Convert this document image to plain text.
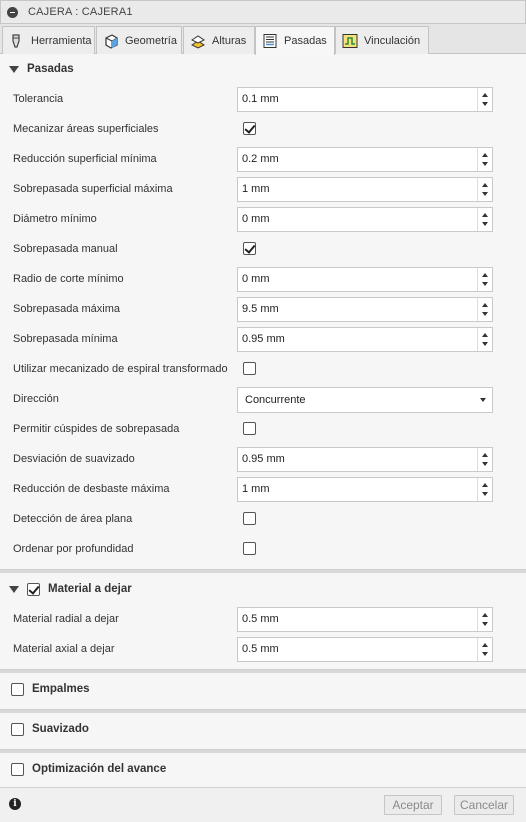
CAJERA : CAJERA1
Herramienta	Geometría	Alturas	Pasadas	Vinculación
Pasadas
Tolerancia	0.1 mm
Mecanizar áreas superficiales
Reducción superficial mínima	0.2 mm
Sobrepasada superficial máxima	1 mm
Diámetro mínimo	0 mm
Sobrepasada manual
Radio de corte mínimo	0 mm
Sobrepasada máxima	9.5 mm
Sobrepasada mínima	0.95 mm
Utilizar mecanizado de espiral transformado
Dirección	Concurrente
Permitir cúspides de sobrepasada
Desviación de suavizado	0.95 mm
Reducción de desbaste máxima	1 mm
Detección de área plana
Ordenar por profundidad
Material a dejar
Material radial a dejar	0.5 mm
Material axial a dejar	0.5 mm
Empalmes
Suavizado
Optimización del avance
i	Aceptar	Cancelar
